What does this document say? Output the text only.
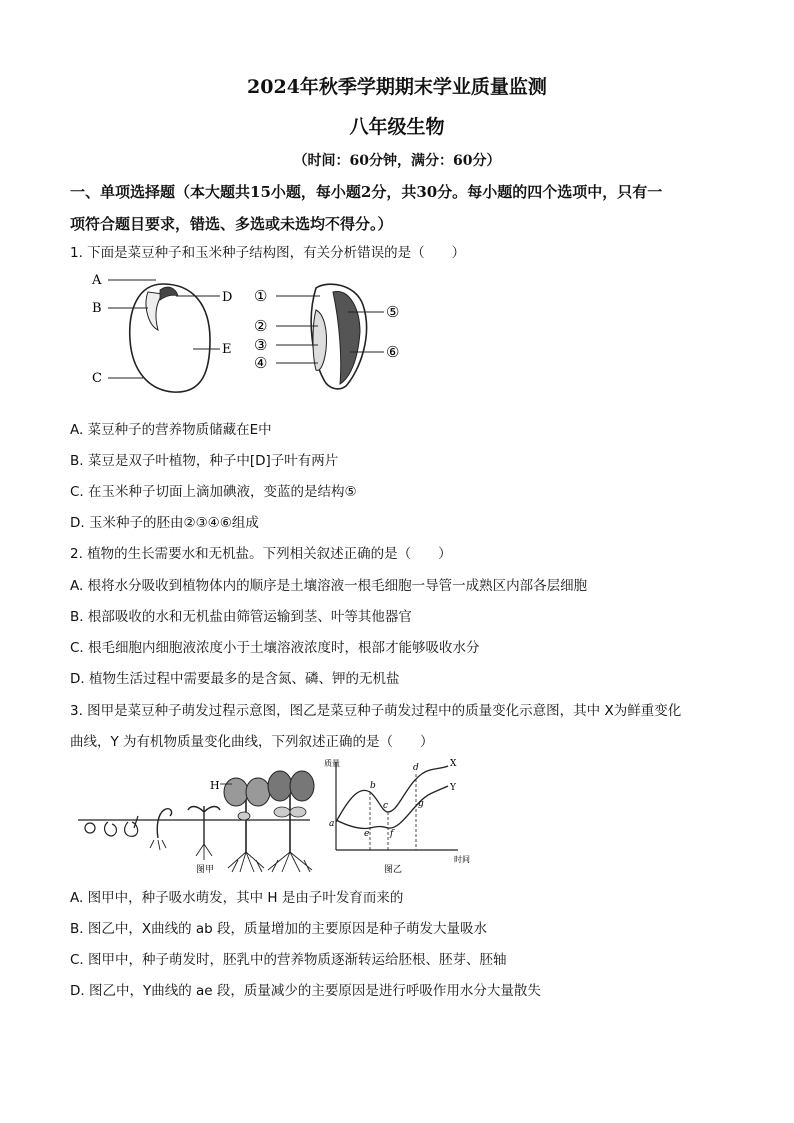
2024年秋季学期期末学业质量监测
八年级生物
（时间：60分钟，满分：60分）
一、单项选择题（本大题共15小题，每小题2分，共30分。每小题的四个选项中，只有一
项符合题目要求，错选、多选或未选均不得分。）
1. 下面是菜豆种子和玉米种子结构图，有关分析错误的是（　　）
A
B
C
D
E
①
②
③
④
⑤
⑥
A. 菜豆种子的营养物质储藏在E中
B. 菜豆是双子叶植物，种子中[D]子叶有两片
C. 在玉米种子切面上滴加碘液，变蓝的是结构⑤
D. 玉米种子的胚由②③④⑥组成
2. 植物的生长需要水和无机盐。下列相关叙述正确的是（　　）
A. 根将水分吸收到植物体内的顺序是土壤溶液一根毛细胞一导管一成熟区内部各层细胞
B. 根部吸收的水和无机盐由筛管运输到茎、叶等其他器官
C. 根毛细胞内细胞液浓度小于土壤溶液浓度时，根部才能够吸收水分
D. 植物生活过程中需要最多的是含氮、磷、钾的无机盐
3. 图甲是菜豆种子萌发过程示意图，图乙是菜豆种子萌发过程中的质量变化示意图，其中 X为鲜重变化
曲线，Y 为有机物质量变化曲线，下列叙述正确的是（　　）
H
图甲
质量
时间
a
b
c
d
e f
g
X
Y
图乙
A. 图甲中，种子吸水萌发，其中 H 是由子叶发育而来的
B. 图乙中，X曲线的 ab 段，质量增加的主要原因是种子萌发大量吸水
C. 图甲中，种子萌发时，胚乳中的营养物质逐渐转运给胚根、胚芽、胚轴
D. 图乙中，Y曲线的 ae 段，质量减少的主要原因是进行呼吸作用水分大量散失
